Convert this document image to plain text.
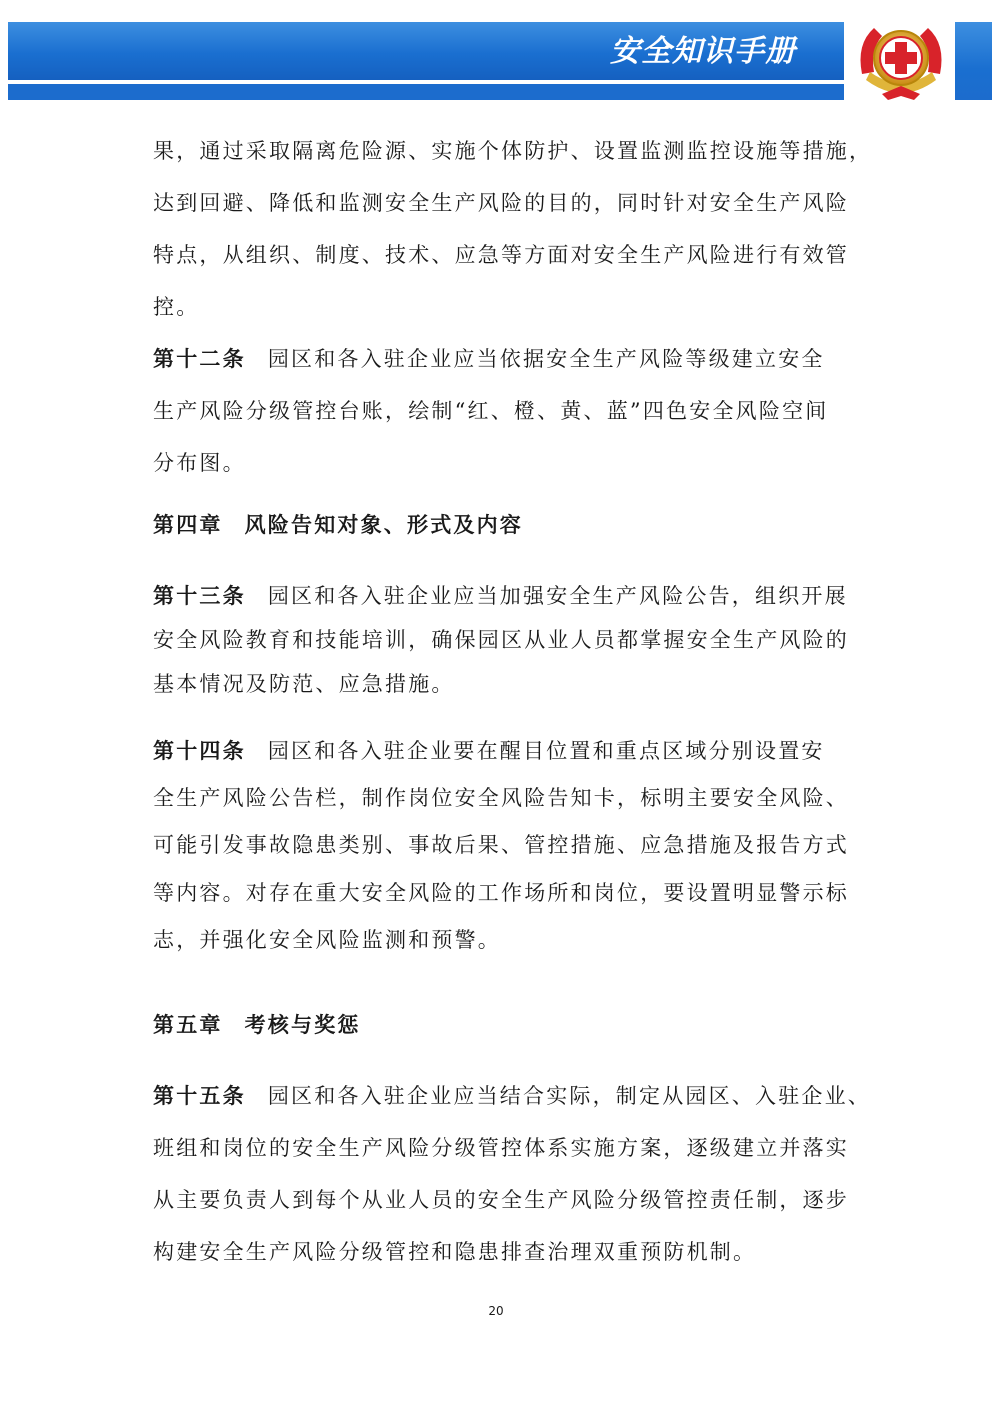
安全知识手册
果，通过采取隔离危险源、实施个体防护、设置监测监控设施等措施，
达到回避、降低和监测安全生产风险的目的，同时针对安全生产风险
特点，从组织、制度、技术、应急等方面对安全生产风险进行有效管
控。
第十二条 园区和各入驻企业应当依据安全生产风险等级建立安全
生产风险分级管控台账，绘制“红、橙、黄、蓝”四色安全风险空间
分布图。
第四章 风险告知对象、形式及内容
第十三条 园区和各入驻企业应当加强安全生产风险公告，组织开展
安全风险教育和技能培训，确保园区从业人员都掌握安全生产风险的
基本情况及防范、应急措施。
第十四条 园区和各入驻企业要在醒目位置和重点区域分别设置安
全生产风险公告栏，制作岗位安全风险告知卡，标明主要安全风险、
可能引发事故隐患类别、事故后果、管控措施、应急措施及报告方式
等内容。对存在重大安全风险的工作场所和岗位，要设置明显警示标
志，并强化安全风险监测和预警。
第五章 考核与奖惩
第十五条 园区和各入驻企业应当结合实际，制定从园区、入驻企业、
班组和岗位的安全生产风险分级管控体系实施方案，逐级建立并落实
从主要负责人到每个从业人员的安全生产风险分级管控责任制，逐步
构建安全生产风险分级管控和隐患排查治理双重预防机制。
20
